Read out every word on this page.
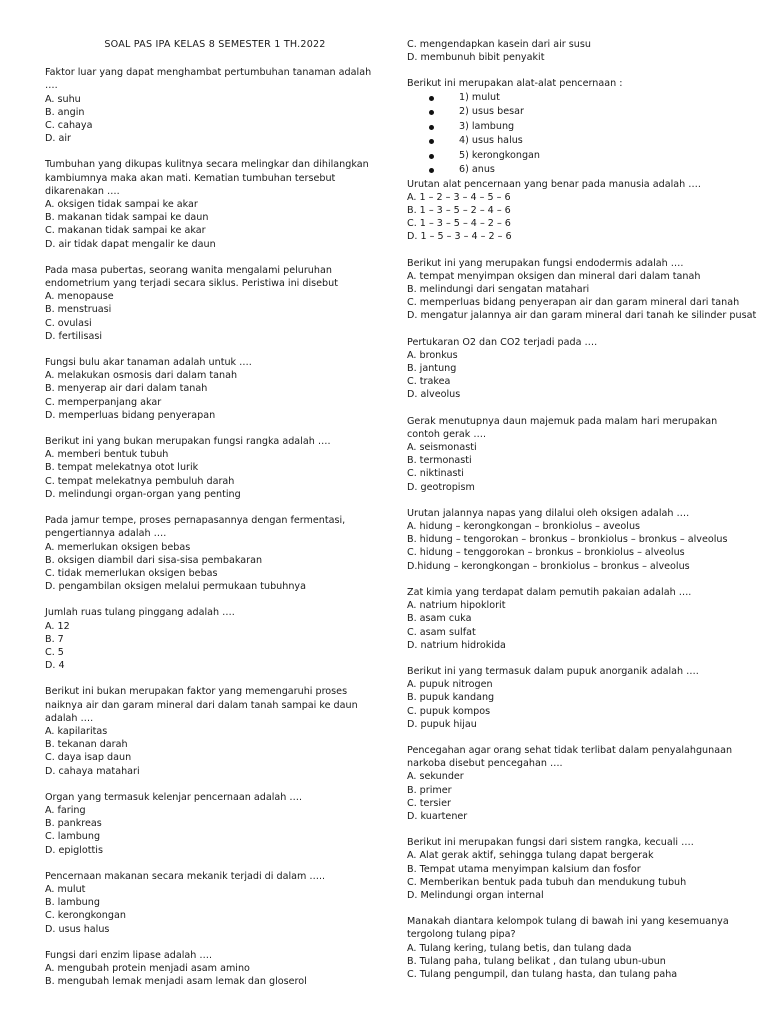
SOAL PAS IPA KELAS 8 SEMESTER 1 TH.2022

Faktor luar yang dapat menghambat pertumbuhan tanaman adalah ….
A. suhu
B. angin
C. cahaya
D. air
Tumbuhan yang dikupas kulitnya secara melingkar dan dihilangkan kambiumnya maka akan mati. Kematian tumbuhan tersebut dikarenakan ….
A. oksigen tidak sampai ke akar
B. makanan tidak sampai ke daun
C. makanan tidak sampai ke akar
D. air tidak dapat mengalir ke daun
Pada masa pubertas, seorang wanita mengalami peluruhan endometrium yang terjadi secara siklus. Peristiwa ini disebut
A. menopause
B. menstruasi
C. ovulasi
D. fertilisasi
Fungsi bulu akar tanaman adalah untuk ….
A. melakukan osmosis dari dalam tanah
B. menyerap air dari dalam tanah
C. memperpanjang akar
D. memperluas bidang penyerapan
Berikut ini yang bukan merupakan fungsi rangka adalah ….
A. memberi bentuk tubuh
B. tempat melekatnya otot lurik
C. tempat melekatnya pembuluh darah
D. melindungi organ-organ yang penting
Pada jamur tempe, proses pernapasannya dengan fermentasi, pengertiannya adalah ….
A. memerlukan oksigen bebas
B. oksigen diambil dari sisa-sisa pembakaran
C. tidak memerlukan oksigen bebas
D. pengambilan oksigen melalui permukaan tubuhnya
Jumlah ruas tulang pinggang adalah ….
A. 12
B. 7
C. 5
D. 4
Berikut ini bukan merupakan faktor yang memengaruhi proses naiknya air dan garam mineral dari dalam tanah sampai ke daun adalah ….
A. kapilaritas
B. tekanan darah
C. daya isap daun
D. cahaya matahari
Organ yang termasuk kelenjar pencernaan adalah ….
A. faring
B. pankreas
C. lambung
D. epiglottis
Pencernaan makanan secara mekanik terjadi di dalam …..
A. mulut
B. lambung
C. kerongkongan
D. usus halus
Fungsi dari enzim lipase adalah ….
A. mengubah protein menjadi asam amino
B. mengubah lemak menjadi asam lemak dan gloserol
C. mengendapkan kasein dari air susu
D. membunuh bibit penyakit
Berikut ini merupakan alat-alat pencernaan :
1) mulut
2) usus besar
3) lambung
4) usus halus
5) kerongkongan
6) anus
Urutan alat pencernaan yang benar pada manusia adalah ….
A. 1 – 2 – 3 – 4 – 5 – 6
B. 1 – 3 – 5 – 2 – 4 – 6
C. 1 – 3 – 5 – 4 – 2 – 6
D. 1 – 5 – 3 – 4 – 2 – 6
Berikut ini yang merupakan fungsi endodermis adalah ….
A. tempat menyimpan oksigen dan mineral dari dalam tanah
B. melindungi dari sengatan matahari
C. memperluas bidang penyerapan air dan garam mineral dari tanah
D. mengatur jalannya air dan garam mineral dari tanah ke silinder pusat
Pertukaran O2 dan CO2 terjadi pada ….
A. bronkus
B. jantung
C. trakea
D. alveolus
Gerak menutupnya daun majemuk pada malam hari merupakan contoh gerak ….
A. seismonasti
B. termonasti
C. niktinasti
D. geotropism
Urutan jalannya napas yang dilalui oleh oksigen adalah ….
A. hidung – kerongkongan – bronkiolus – aveolus
B. hidung – tengorokan – bronkus – bronkiolus – bronkus – alveolus
C. hidung – tenggorokan – bronkus – bronkiolus – alveolus
D.hidung – kerongkongan – bronkiolus – bronkus – alveolus
Zat kimia yang terdapat dalam pemutih pakaian adalah ….
A. natrium hipoklorit
B. asam cuka
C. asam sulfat
D. natrium hidrokida
Berikut ini yang termasuk dalam pupuk anorganik adalah ….
A. pupuk nitrogen
B. pupuk kandang
C. pupuk kompos
D. pupuk hijau
Pencegahan agar orang sehat tidak terlibat dalam penyalahgunaan narkoba disebut pencegahan ….
A. sekunder
B. primer
C. tersier
D. kuartener
Berikut ini merupakan fungsi dari sistem rangka, kecuali ….
A. Alat gerak aktif, sehingga tulang dapat bergerak
B. Tempat utama menyimpan kalsium dan fosfor
C. Memberikan bentuk pada tubuh dan mendukung tubuh
D. Melindungi organ internal
Manakah diantara kelompok tulang di bawah ini yang kesemuanya tergolong tulang pipa?
A. Tulang kering, tulang betis, dan tulang dada
B. Tulang paha, tulang belikat , dan tulang ubun-ubun
C. Tulang pengumpil, dan tulang hasta, dan tulang paha
